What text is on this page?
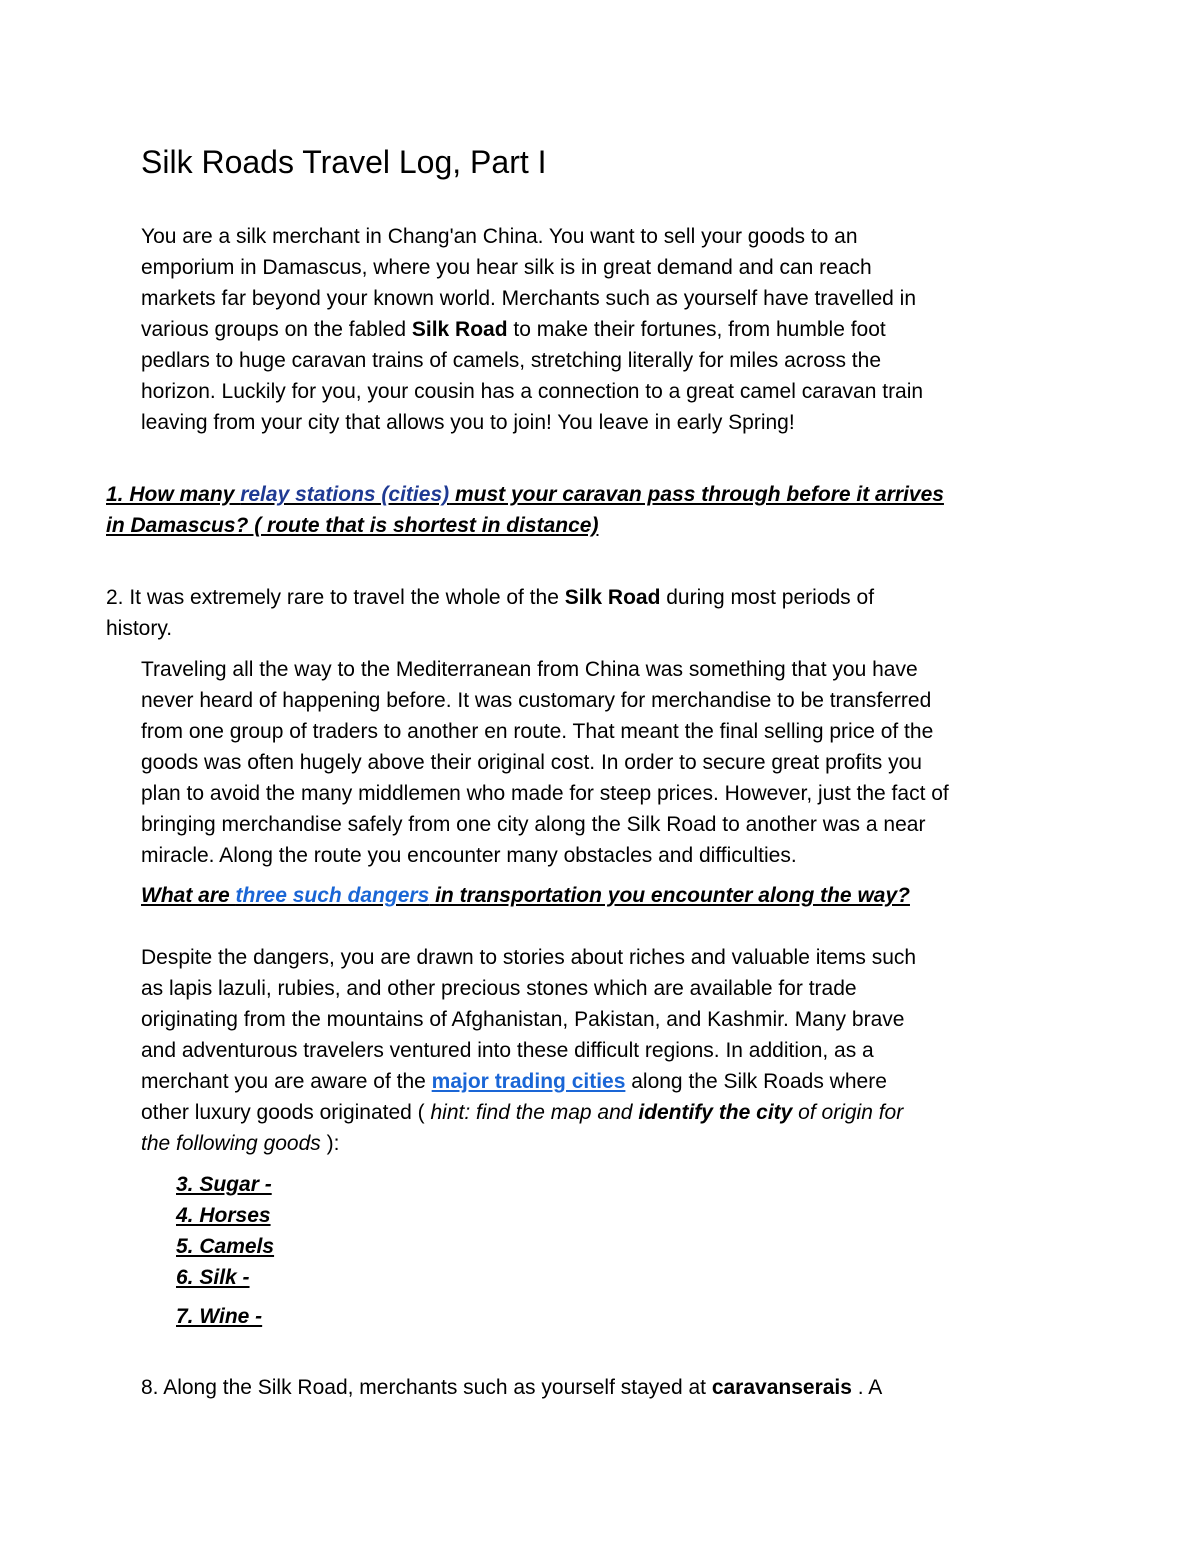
Silk Roads Travel Log, Part I
You are a silk merchant in Chang'an China. You want to sell your goods to an
emporium in Damascus, where you hear silk is in great demand and can reach
markets far beyond your known world. Merchants such as yourself have travelled in
various groups on the fabled Silk Road to make their fortunes, from humble foot
pedlars to huge caravan trains of camels, stretching literally for miles across the
horizon. Luckily for you, your cousin has a connection to a great camel caravan train
leaving from your city that allows you to join! You leave in early Spring!
1. How many relay stations (cities) must your caravan pass through before it arrives
in Damascus? ( route that is shortest in distance)
2. It was extremely rare to travel the whole of the Silk Road during most periods of
history.
Traveling all the way to the Mediterranean from China was something that you have
never heard of happening before. It was customary for merchandise to be transferred
from one group of traders to another en route. That meant the final selling price of the
goods was often hugely above their original cost. In order to secure great profits you
plan to avoid the many middlemen who made for steep prices. However, just the fact of
bringing merchandise safely from one city along the Silk Road to another was a near
miracle. Along the route you encounter many obstacles and difficulties.
What are three such dangers in transportation you encounter along the way?
Despite the dangers, you are drawn to stories about riches and valuable items such
as lapis lazuli, rubies, and other precious stones which are available for trade
originating from the mountains of Afghanistan, Pakistan, and Kashmir. Many brave
and adventurous travelers ventured into these difficult regions. In addition, as a
merchant you are aware of the major trading cities along the Silk Roads where
other luxury goods originated ( hint: find the map and identify the city of origin for
the following goods ):
3. Sugar -
4. Horses
5. Camels
6. Silk -
7. Wine -
8. Along the Silk Road, merchants such as yourself stayed at caravanserais . A
